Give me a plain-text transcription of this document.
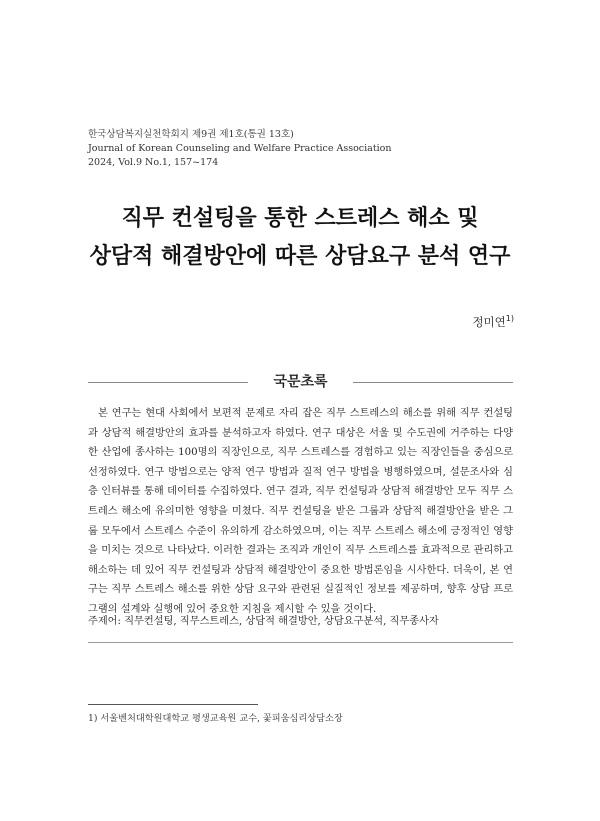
한국상담복지실천학회지 제9권 제1호(통권 13호)
Journal of Korean Counseling and Welfare Practice Association
2024, Vol.9 No.1, 157~174
직무 컨설팅을 통한 스트레스 해소 및
상담적 해결방안에 따른 상담요구 분석 연구
정미연$^{1)}$
국문초록

본 연구는 현대 사회에서 보편적 문제로 자리 잡은 직무 스트레스의 해소를 위해 직무 컨설팅과 상담적 해결방안의 효과를 분석하고자 하였다. 연구 대상은 서울 및 수도권에 거주하는 다양한 산업에 종사하는 100명의 직장인으로, 직무 스트레스를 경험하고 있는 직장인들을 중심으로 선정하였다. 연구 방법으로는 양적 연구 방법과 질적 연구 방법을 병행하였으며, 설문조사와 심층 인터뷰를 통해 데이터를 수집하였다. 연구 결과, 직무 컨설팅과 상담적 해결방안 모두 직무 스트레스 해소에 유의미한 영향을 미쳤다. 직무 컨설팅을 받은 그룹과 상담적 해결방안을 받은 그룹 모두에서 스트레스 수준이 유의하게 감소하였으며, 이는 직무 스트레스 해소에 긍정적인 영향을 미치는 것으로 나타났다. 이러한 결과는 조직과 개인이 직무 스트레스를 효과적으로 관리하고 해소하는 데 있어 직무 컨설팅과 상담적 해결방안이 중요한 방법론임을 시사한다. 더욱이, 본 연구는 직무 스트레스 해소를 위한 상담 요구와 관련된 실질적인 정보를 제공하며, 향후 상담 프로그램의 설계와 실행에 있어 중요한 지침을 제시할 수 있을 것이다.

주제어: 직무컨설팅, 직무스트레스, 상담적 해결방안, 상담요구분석, 직무종사자
1) 서울벤처대학원대학교 평생교육원 교수, 꽃피움심리상담소장
